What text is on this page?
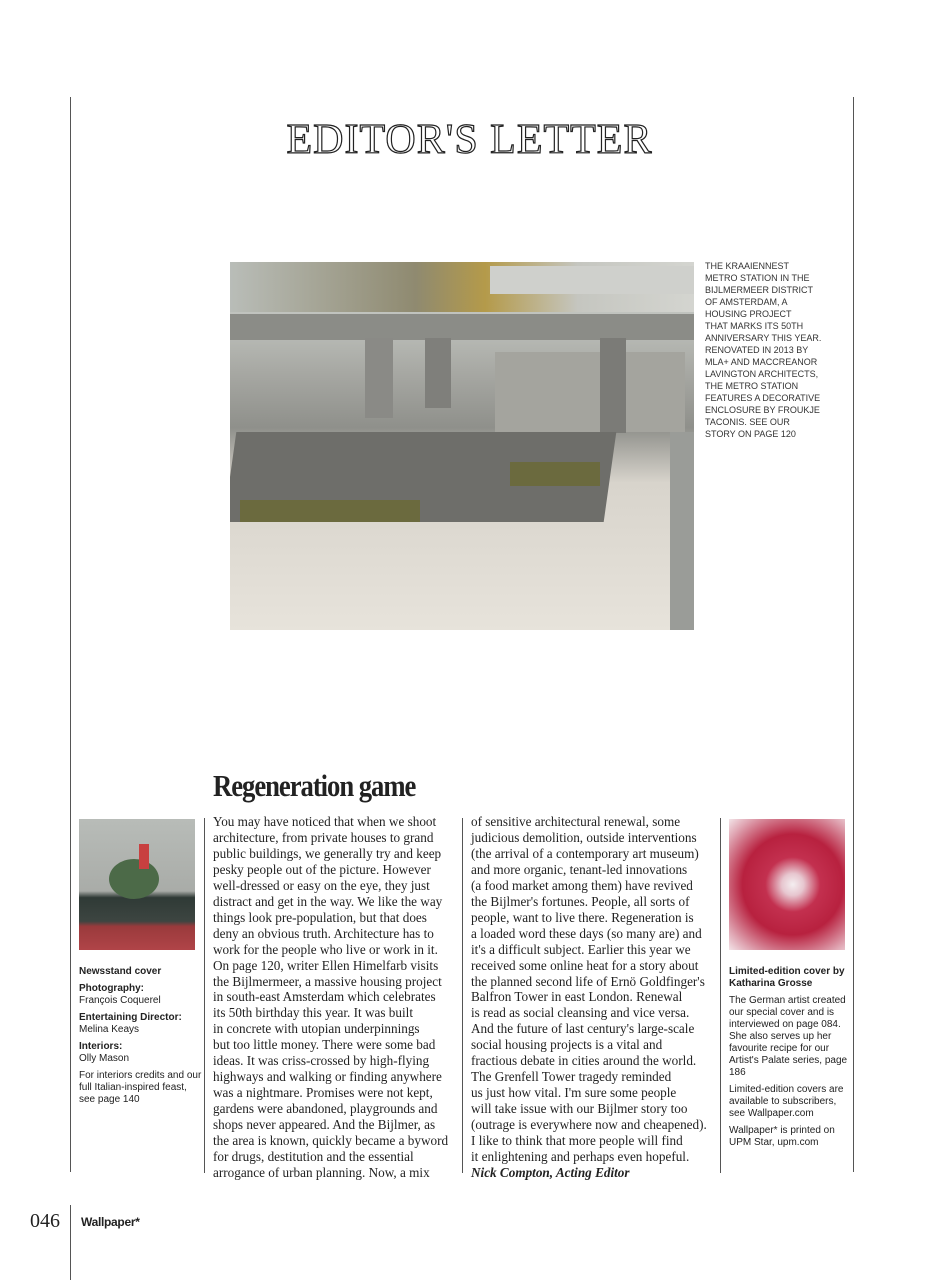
EDITOR'S LETTER
THE KRAAIENNEST
METRO STATION IN THE
BIJLMERMEER DISTRICT
OF AMSTERDAM, A
HOUSING PROJECT
THAT MARKS ITS 50TH
ANNIVERSARY THIS YEAR.
RENOVATED IN 2013 BY
MLA+ AND MACCREANOR
LAVINGTON ARCHITECTS,
THE METRO STATION
FEATURES A DECORATIVE
ENCLOSURE BY FROUKJE
TACONIS. SEE OUR
STORY ON PAGE 120
Regeneration game
You may have noticed that when we shoot
architecture, from private houses to grand
public buildings, we generally try and keep
pesky people out of the picture. However
well-dressed or easy on the eye, they just
distract and get in the way. We like the way
things look pre-population, but that does
deny an obvious truth. Architecture has to
work for the people who live or work in it.
On page 120, writer Ellen Himelfarb visits
the Bijlmermeer, a massive housing project
in south-east Amsterdam which celebrates
its 50th birthday this year. It was built
in concrete with utopian underpinnings
but too little money. There were some bad
ideas. It was criss-crossed by high-flying
highways and walking or finding anywhere
was a nightmare. Promises were not kept,
gardens were abandoned, playgrounds and
shops never appeared. And the Bijlmer, as
the area is known, quickly became a byword
for drugs, destitution and the essential
arrogance of urban planning. Now, a mix
of sensitive architectural renewal, some
judicious demolition, outside interventions
(the arrival of a contemporary art museum)
and more organic, tenant-led innovations
(a food market among them) have revived
the Bijlmer's fortunes. People, all sorts of
people, want to live there. Regeneration is
a loaded word these days (so many are) and
it's a difficult subject. Earlier this year we
received some online heat for a story about
the planned second life of Ernö Goldfinger's
Balfron Tower in east London. Renewal
is read as social cleansing and vice versa.
And the future of last century's large-scale
social housing projects is a vital and
fractious debate in cities around the world.
The Grenfell Tower tragedy reminded
us just how vital. I'm sure some people
will take issue with our Bijlmer story too
(outrage is everywhere now and cheapened).
I like to think that more people will find
it enlightening and perhaps even hopeful.
Nick Compton, Acting Editor

Newsstand cover

Photography:
François Coquerel

Entertaining Director:
Melina Keays

Interiors:
Olly Mason

For interiors credits and our full Italian-inspired feast, see page 140

Limited-edition cover by Katharina Grosse

The German artist created our special cover and is interviewed on page 084. She also serves up her favourite recipe for our Artist's Palate series, page 186

Limited-edition covers are available to subscribers, see Wallpaper.com

Wallpaper* is printed on UPM Star, upm.com

046 Wallpaper*
